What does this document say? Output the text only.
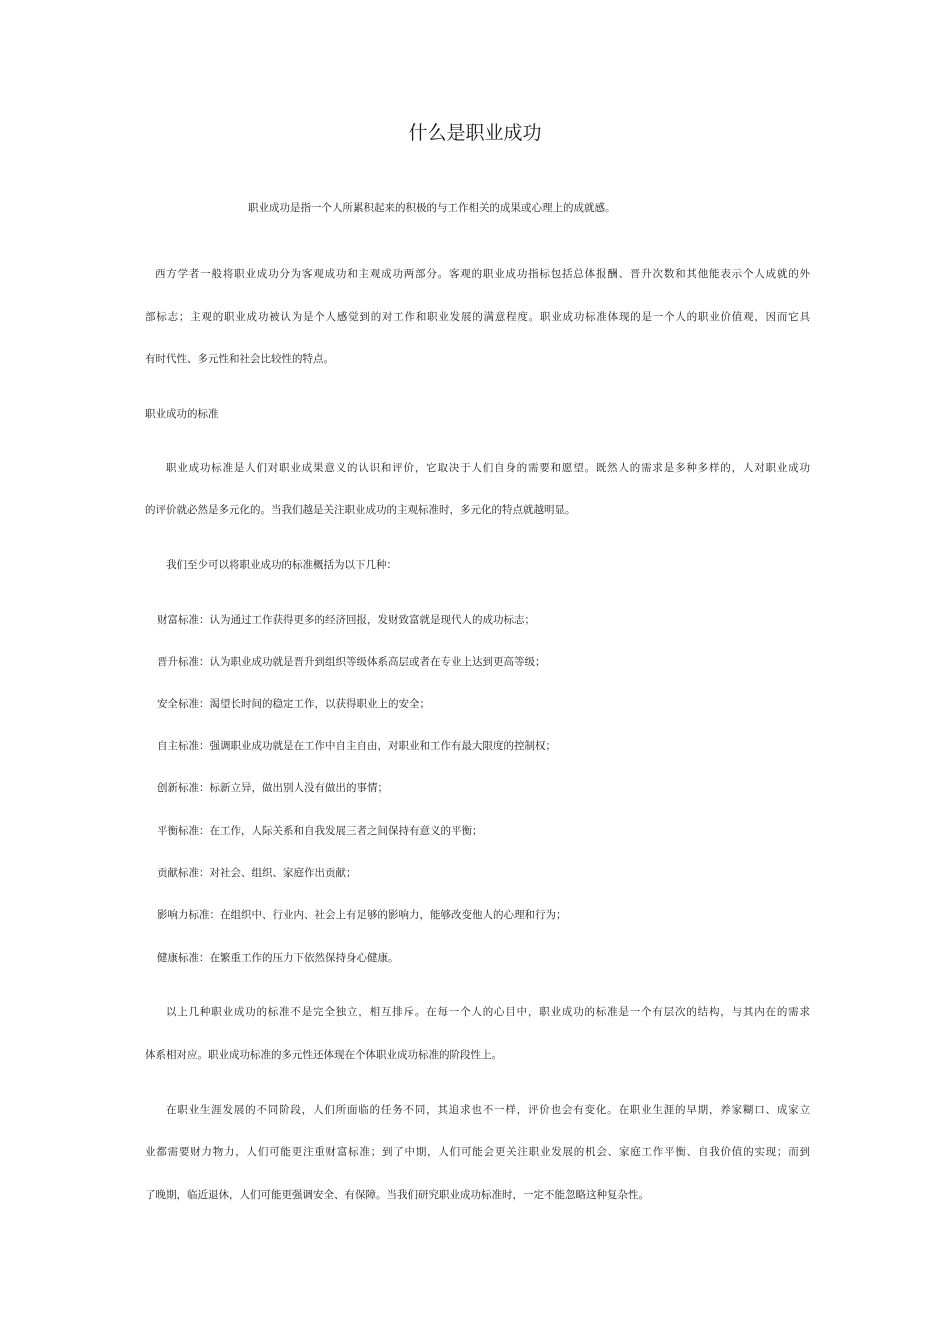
什么是职业成功
职业成功是指一个人所累积起来的积极的与工作相关的成果或心理上的成就感。
西方学者一般将职业成功分为客观成功和主观成功两部分。客观的职业成功指标包括总体报酬、晋升次数和其他能表示个人成就的外
部标志；主观的职业成功被认为是个人感觉到的对工作和职业发展的满意程度。职业成功标准体现的是一个人的职业价值观，因而它具
有时代性、多元性和社会比较性的特点。
职业成功的标准
职业成功标准是人们对职业成果意义的认识和评价，它取决于人们自身的需要和愿望。既然人的需求是多种多样的，人对职业成功
的评价就必然是多元化的。当我们越是关注职业成功的主观标准时，多元化的特点就越明显。
我们至少可以将职业成功的标准概括为以下几种：
财富标准：认为通过工作获得更多的经济回报，发财致富就是现代人的成功标志；
晋升标准：认为职业成功就是晋升到组织等级体系高层或者在专业上达到更高等级；
安全标准：渴望长时间的稳定工作，以获得职业上的安全；
自主标准：强调职业成功就是在工作中自主自由，对职业和工作有最大限度的控制权；
创新标准：标新立异，做出别人没有做出的事情；
平衡标准：在工作，人际关系和自我发展三者之间保持有意义的平衡；
贡献标准：对社会、组织、家庭作出贡献；
影响力标准：在组织中、行业内、社会上有足够的影响力，能够改变他人的心理和行为；
健康标准：在繁重工作的压力下依然保持身心健康。
以上几种职业成功的标准不是完全独立，相互排斥。在每一个人的心目中，职业成功的标准是一个有层次的结构，与其内在的需求
体系相对应。职业成功标准的多元性还体现在个体职业成功标准的阶段性上。
在职业生涯发展的不同阶段，人们所面临的任务不同，其追求也不一样，评价也会有变化。在职业生涯的早期，养家糊口、成家立
业都需要财力物力，人们可能更注重财富标准；到了中期，人们可能会更关注职业发展的机会、家庭工作平衡、自我价值的实现；而到
了晚期，临近退休，人们可能更强调安全、有保障。当我们研究职业成功标准时，一定不能忽略这种复杂性。
